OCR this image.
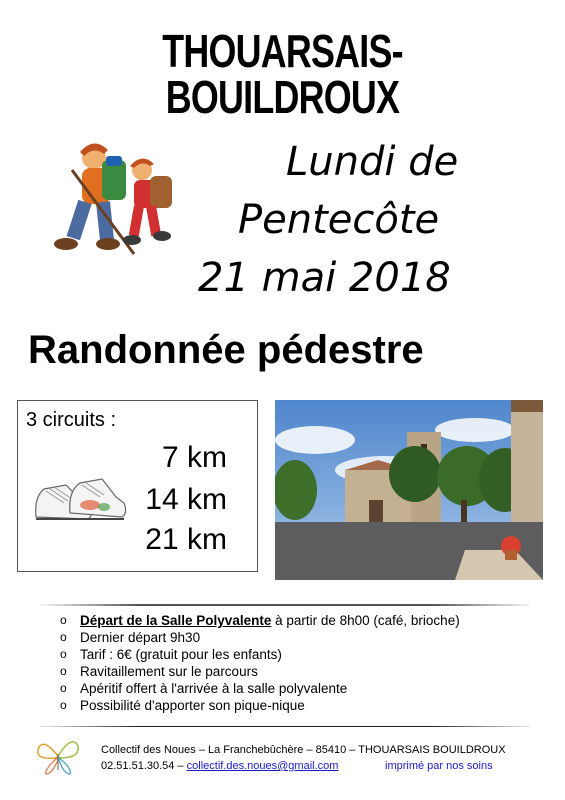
THOUARSAIS-BOUILDROUX
Lundi de
Pentecôte
21 mai 2018
Randonnée pédestre
3 circuits :
7 km
14 km
21 km
o Départ de la Salle Polyvalente à partir de 8h00 (café, brioche)
o Dernier départ 9h30
o Tarif : 6€ (gratuit pour les enfants)
o Ravitaillement sur le parcours
o Apéritif offert à l'arrivée à la salle polyvalente
o Possibilité d'apporter son pique-nique
Collectif des Noues – La Franchebûchère – 85410 – THOUARSAIS BOUILDROUX
02.51.51.30.54 – collectif.des.noues@gmail.com	imprimé par nos soins
